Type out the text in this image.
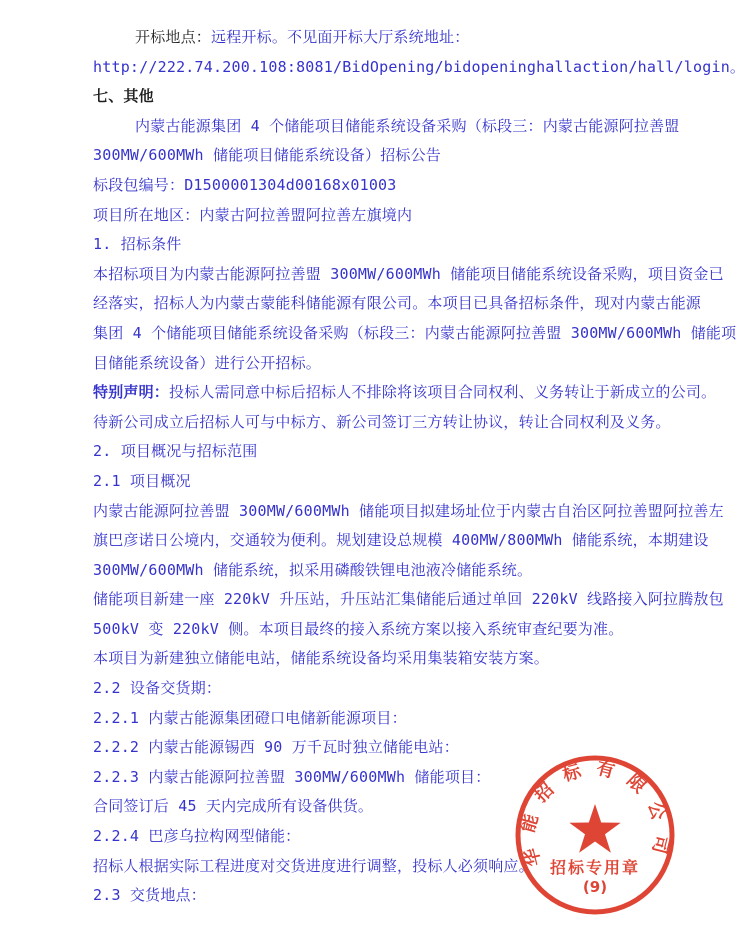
开标地点：远程开标。不见面开标大厅系统地址：
http://222.74.200.108:8081/BidOpening/bidopeninghallaction/hall/login。
七、其他
内蒙古能源集团 4 个储能项目储能系统设备采购（标段三：内蒙古能源阿拉善盟
300MW/600MWh 储能项目储能系统设备）招标公告
标段包编号：D1500001304d00168x01003
项目所在地区：内蒙古阿拉善盟阿拉善左旗境内
1. 招标条件
本招标项目为内蒙古能源阿拉善盟 300MW/600MWh 储能项目储能系统设备采购，项目资金已
经落实，招标人为内蒙古蒙能科储能源有限公司。本项目已具备招标条件，现对内蒙古能源
集团 4 个储能项目储能系统设备采购（标段三：内蒙古能源阿拉善盟 300MW/600MWh 储能项
目储能系统设备）进行公开招标。
特别声明：投标人需同意中标后招标人不排除将该项目合同权利、义务转让于新成立的公司。
待新公司成立后招标人可与中标方、新公司签订三方转让协议，转让合同权利及义务。
2. 项目概况与招标范围
2.1 项目概况
内蒙古能源阿拉善盟 300MW/600MWh 储能项目拟建场址位于内蒙古自治区阿拉善盟阿拉善左
旗巴彦诺日公境内，交通较为便利。规划建设总规模 400MW/800MWh 储能系统，本期建设
300MW/600MWh 储能系统，拟采用磷酸铁锂电池液冷储能系统。
储能项目新建一座 220kV 升压站，升压站汇集储能后通过单回 220kV 线路接入阿拉腾敖包
500kV 变 220kV 侧。本项目最终的接入系统方案以接入系统审查纪要为准。
本项目为新建独立储能电站，储能系统设备均采用集装箱安装方案。
2.2 设备交货期：
2.2.1 内蒙古能源集团磴口电储新能源项目：
2.2.2 内蒙古能源锡西 90 万千瓦时独立储能电站：
2.2.3 内蒙古能源阿拉善盟 300MW/600MWh 储能项目：
合同签订后 45 天内完成所有设备供货。
2.2.4 巴彦乌拉构网型储能：
招标人根据实际工程进度对交货进度进行调整，投标人必须响应。
2.3 交货地点：
华能招标有限公司
招标专用章
(9)
